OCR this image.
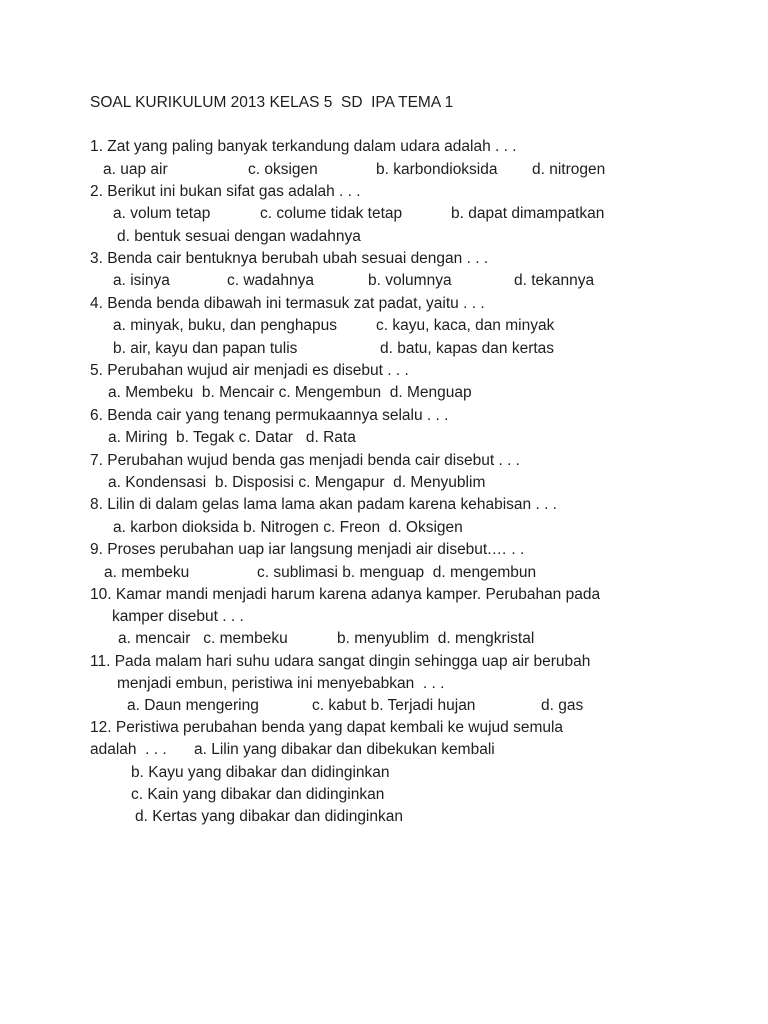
SOAL KURIKULUM 2013 KELAS 5  SD  IPA TEMA 1
1. Zat yang paling banyak terkandung dalam udara adalah . . .
a. uap air	c. oksigen	b. karbondioksida d. nitrogen
2. Berikut ini bukan sifat gas adalah . . .
a. volum tetap	c. colume tidak tetap	b. dapat dimampatkan
d. bentuk sesuai dengan wadahnya
3. Benda cair bentuknya berubah ubah sesuai dengan . . .
a. isinya	c. wadahnya	b. volumnya	d. tekannya
4. Benda benda dibawah ini termasuk zat padat, yaitu . . .
a. minyak, buku, dan penghapus	c. kayu, kaca, dan minyak
b. air, kayu dan papan tulis	d. batu, kapas dan kertas
5. Perubahan wujud air menjadi es disebut . . .
a. Membeku  b. Mencair c. Mengembun  d. Menguap
6. Benda cair yang tenang permukaannya selalu . . .
a. Miring  b. Tegak c. Datar   d. Rata
7. Perubahan wujud benda gas menjadi benda cair disebut . . .
a. Kondensasi  b. Disposisi c. Mengapur  d. Menyublim
8. Lilin di dalam gelas lama lama akan padam karena kehabisan . . .
a. karbon dioksida b. Nitrogen c. Freon  d. Oksigen
9. Proses perubahan uap iar langsung menjadi air disebut.… . .
a. membeku	c. sublimasi b. menguap  d. mengembun
10. Kamar mandi menjadi harum karena adanya kamper. Perubahan pada
kamper disebut . . .
a. mencair   c. membeku	b. menyublim  d. mengkristal
11. Pada malam hari suhu udara sangat dingin sehingga uap air berubah
menjadi embun, peristiwa ini menyebabkan  . . .
a. Daun mengering	c. kabut b. Terjadi hujan	d. gas
12. Peristiwa perubahan benda yang dapat kembali ke wujud semula
adalah  . . . a. Lilin yang dibakar dan dibekukan kembali
b. Kayu yang dibakar dan didinginkan
c. Kain yang dibakar dan didinginkan
d. Kertas yang dibakar dan didinginkan
